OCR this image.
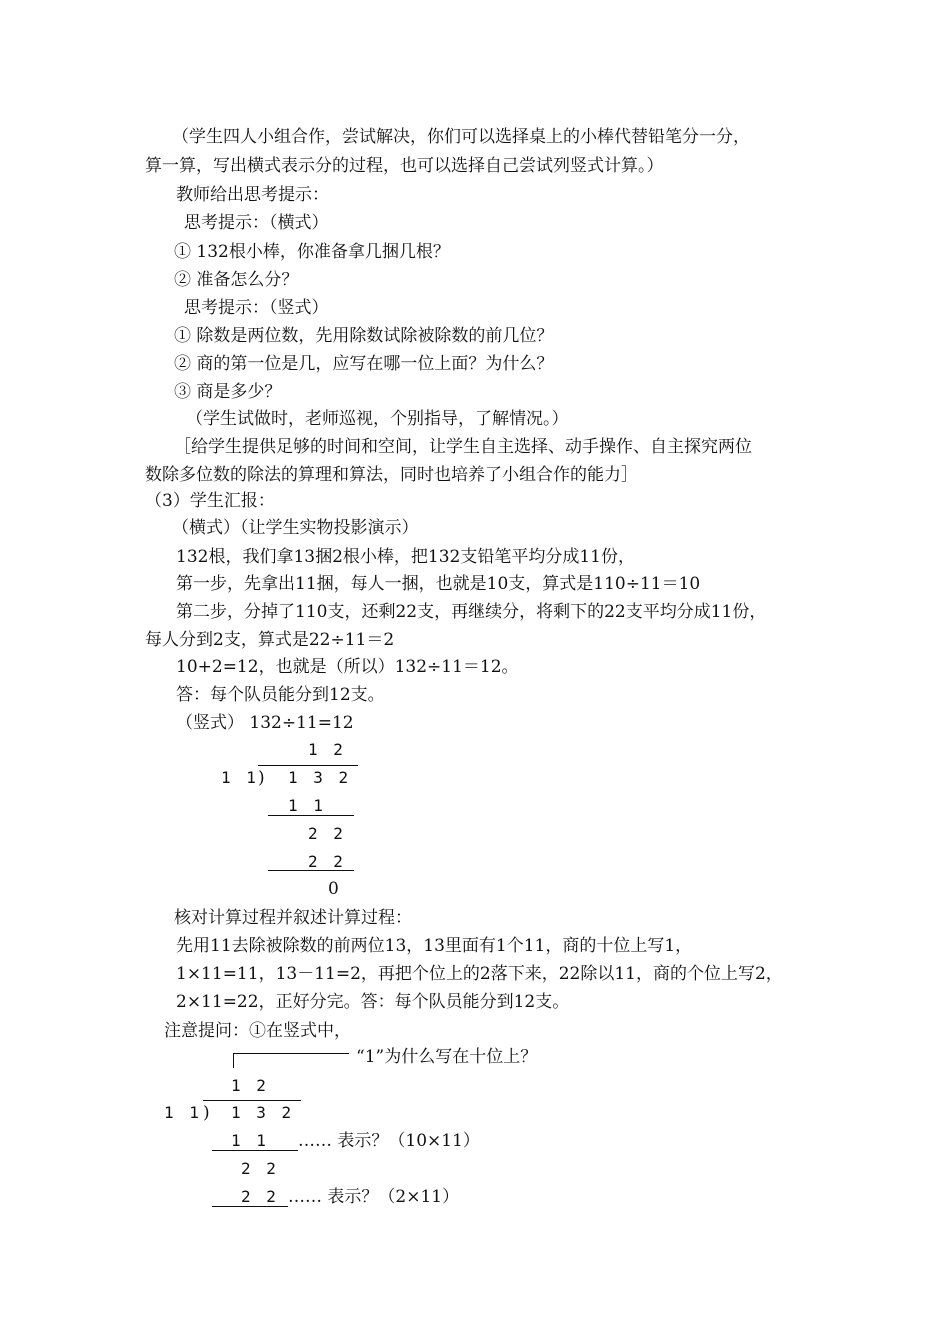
（学生四人小组合作，尝试解决，你们可以选择桌上的小棒代替铅笔分一分，
算一算，写出横式表示分的过程，也可以选择自己尝试列竖式计算。）
教师给出思考提示：
思考提示：（横式）
① 132根小棒，你准备拿几捆几根？
② 准备怎么分？
思考提示：（竖式）
① 除数是两位数，先用除数试除被除数的前几位？
② 商的第一位是几，应写在哪一位上面？为什么？
③ 商是多少？
（学生试做时，老师巡视，个别指导，了解情况。）
［给学生提供足够的时间和空间，让学生自主选择、动手操作、自主探究两位
数除多位数的除法的算理和算法，同时也培养了小组合作的能力］
（3）学生汇报：
（横式）（让学生实物投影演示）
132根，我们拿13捆2根小棒，把132支铅笔平均分成11份，
第一步，先拿出11捆，每人一捆，也就是10支，算式是110÷11＝10
第二步，分掉了110支，还剩22支，再继续分，将剩下的22支平均分成11份，
每人分到2支，算式是22÷11＝2
10+2=12，也就是（所以）132÷11＝12。
答：每个队员能分到12支。
（竖式） 132÷11=12
1 2
1 1 ) 1 3 2
1 1
2 2
2 2
0
核对计算过程并叙述计算过程：
先用11去除被除数的前两位13，13里面有1个11，商的十位上写1，
1×11=11，13－11=2，再把个位上的2落下来，22除以11，商的个位上写2，
2×11=22，正好分完。答：每个队员能分到12支。
注意提问：①在竖式中，
“1”为什么写在十位上？
1 2
1 1 ) 1 3 2
1 1 …… 表示？（10×11）
2 2
2 2 …… 表示？（2×11）
